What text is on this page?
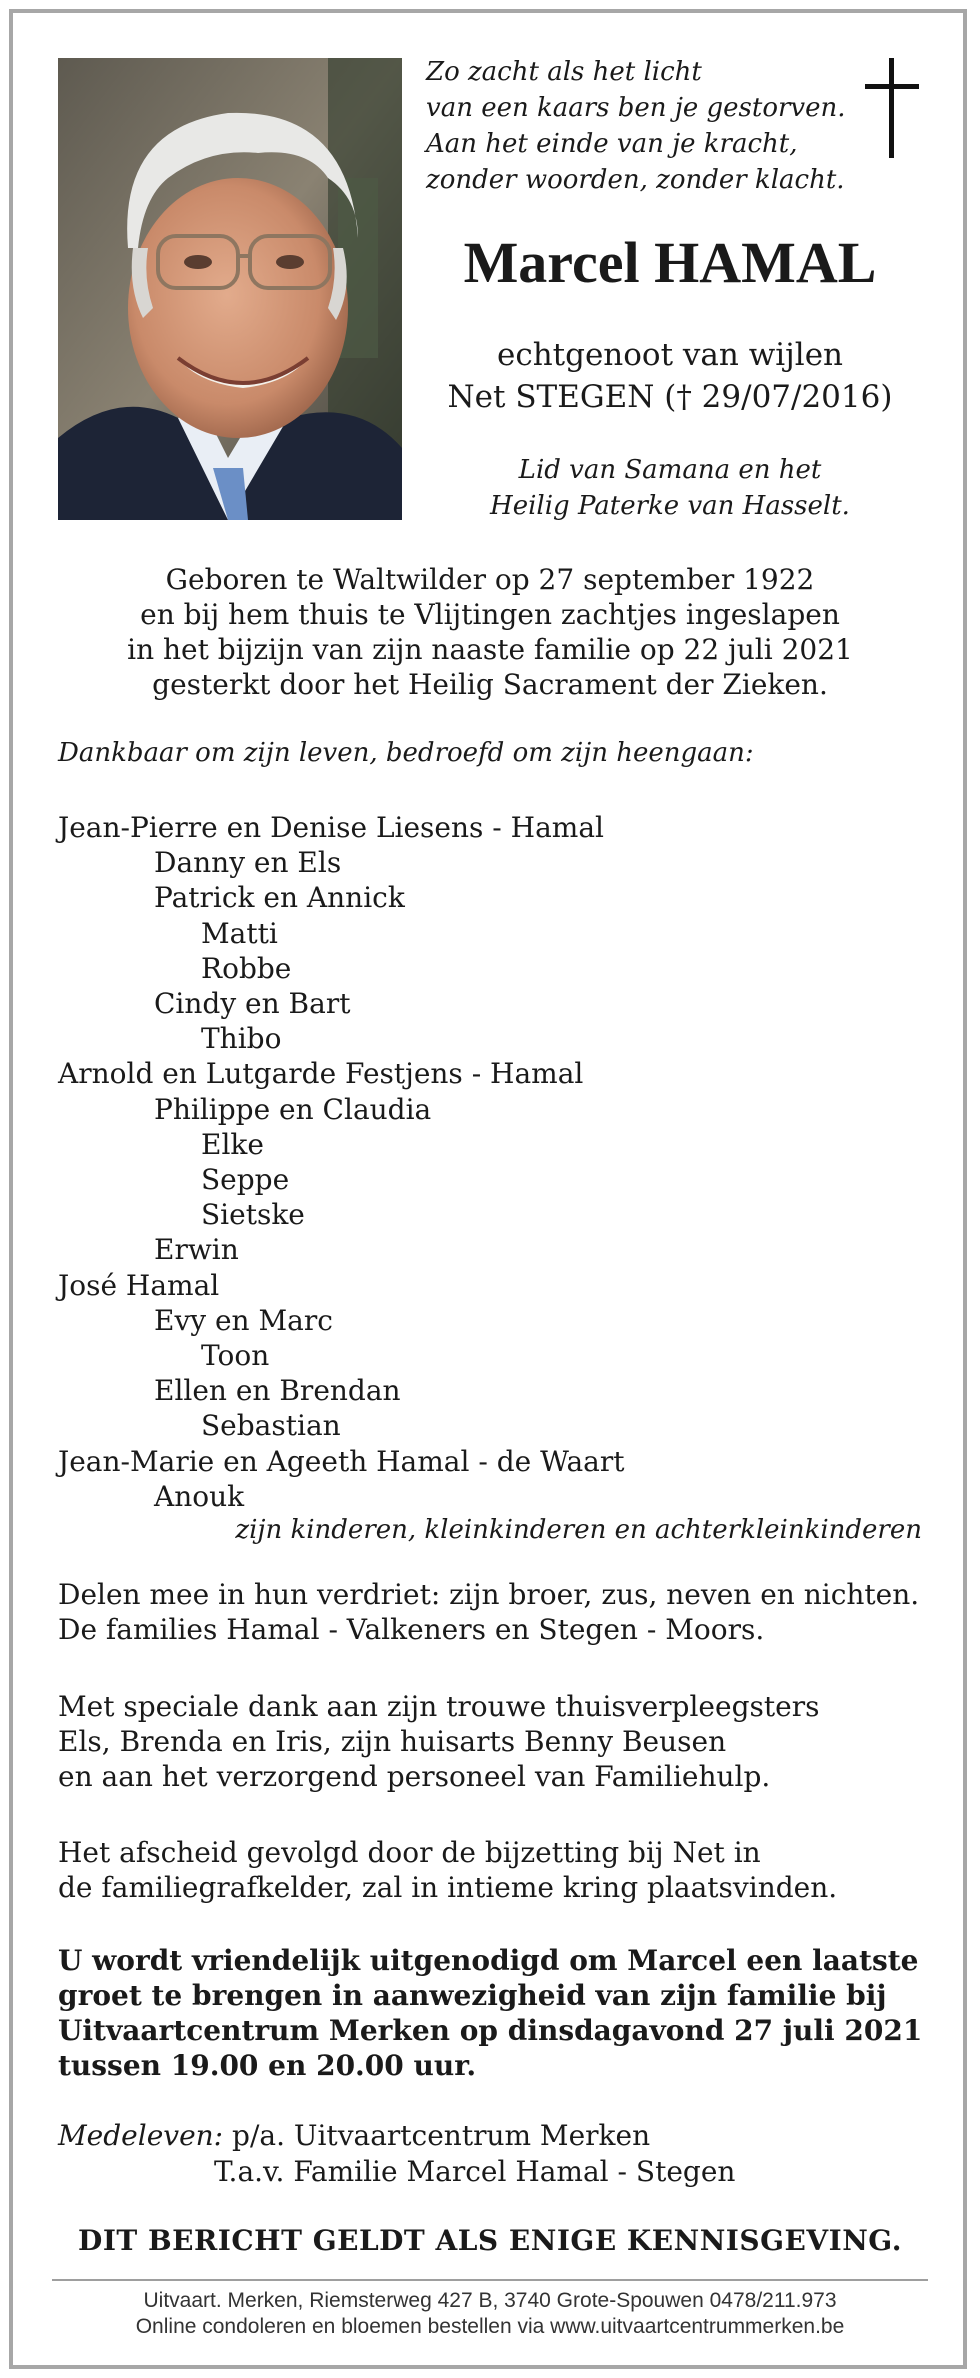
Zo zacht als het licht
van een kaars ben je gestorven.
Aan het einde van je kracht,
zonder woorden, zonder klacht.
Marcel HAMAL
echtgenoot van wijlen
Net STEGEN († 29/07/2016)
Lid van Samana en het
Heilig Paterke van Hasselt.
Geboren te Waltwilder op 27 september 1922
en bij hem thuis te Vlijtingen zachtjes ingeslapen
in het bijzijn van zijn naaste familie op 22 juli 2021
gesterkt door het Heilig Sacrament der Zieken.
Dankbaar om zijn leven, bedroefd om zijn heengaan:
Jean-Pierre en Denise Liesens - Hamal
Danny en Els
Patrick en Annick
Matti
Robbe
Cindy en Bart
Thibo
Arnold en Lutgarde Festjens - Hamal
Philippe en Claudia
Elke
Seppe
Sietske
Erwin
José Hamal
Evy en Marc
Toon
Ellen en Brendan
Sebastian
Jean-Marie en Ageeth Hamal - de Waart
Anouk
zijn kinderen, kleinkinderen en achterkleinkinderen
Delen mee in hun verdriet: zijn broer, zus, neven en nichten.
De families Hamal - Valkeners en Stegen - Moors.
Met speciale dank aan zijn trouwe thuisverpleegsters
Els, Brenda en Iris, zijn huisarts Benny Beusen
en aan het verzorgend personeel van Familiehulp.
Het afscheid gevolgd door de bijzetting bij Net in
de familiegrafkelder, zal in intieme kring plaatsvinden.
U wordt vriendelijk uitgenodigd om Marcel een laatste
groet te brengen in aanwezigheid van zijn familie bij
Uitvaartcentrum Merken op dinsdagavond 27 juli 2021
tussen 19.00 en 20.00 uur.
Medeleven: p/a. Uitvaartcentrum Merken
T.a.v. Familie Marcel Hamal - Stegen
DIT BERICHT GELDT ALS ENIGE KENNISGEVING.
Uitvaart. Merken, Riemsterweg 427 B, 3740 Grote-Spouwen 0478/211.973
Online condoleren en bloemen bestellen via www.uitvaartcentrummerken.be
